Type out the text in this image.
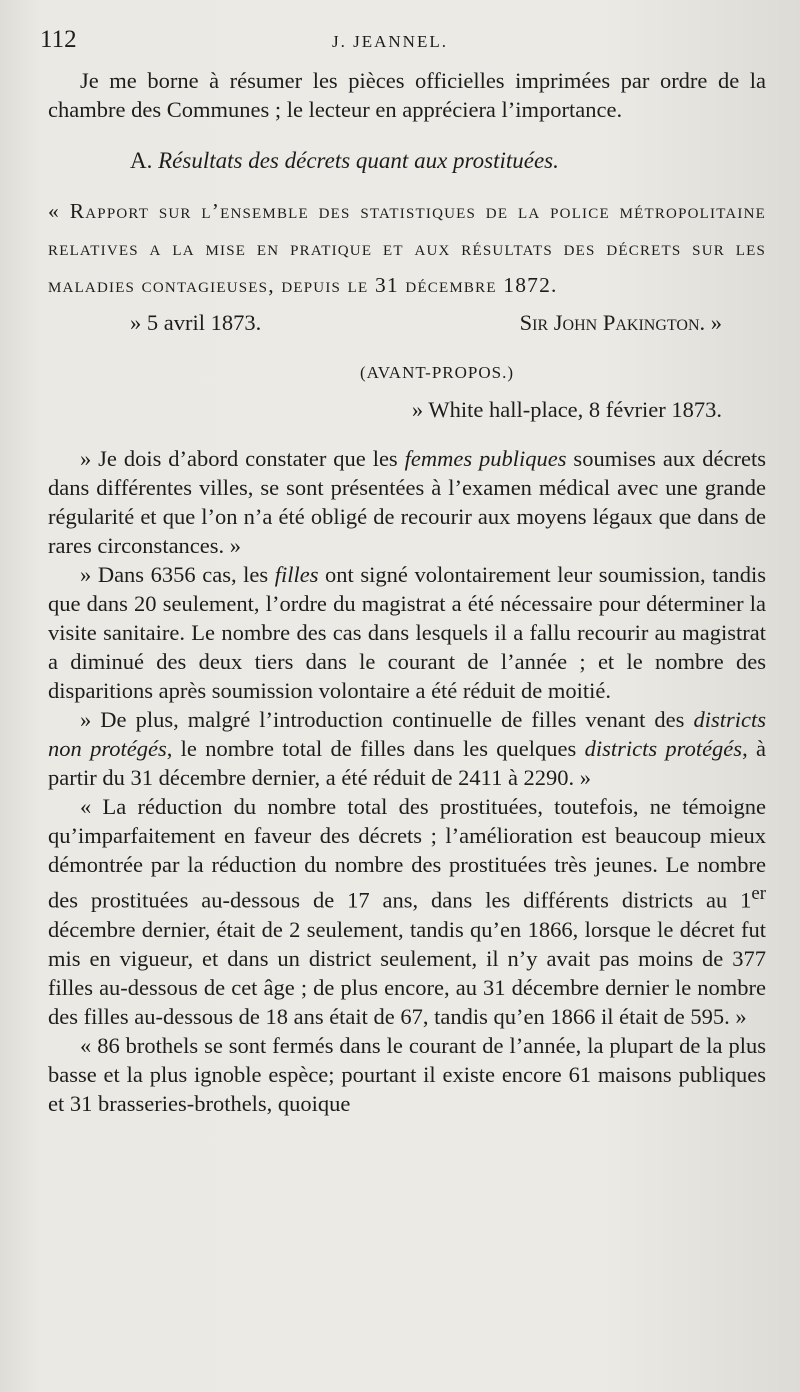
112	J. JEANNEL.

Je me borne à résumer les pièces officielles imprimées par ordre de la chambre des Communes ; le lecteur en appréciera l’importance.

A. Résultats des décrets quant aux prostituées.

« Rapport sur l’ensemble des statistiques de la police métropolitaine relatives a la mise en pratique et aux résultats des décrets sur les maladies contagieuses, depuis le 31 décembre 1872.

» 5 avril 1873.	Sir John Pakington. »

(AVANT-PROPOS.)

» White hall-place, 8 février 1873.

» Je dois d’abord constater que les femmes publiques soumises aux décrets dans différentes villes, se sont présentées à l’examen médical avec une grande régularité et que l’on n’a été obligé de recourir aux moyens légaux que dans de rares circonstances. »

» Dans 6356 cas, les filles ont signé volontairement leur soumission, tandis que dans 20 seulement, l’ordre du magistrat a été nécessaire pour déterminer la visite sanitaire. Le nombre des cas dans lesquels il a fallu recourir au magistrat a diminué des deux tiers dans le courant de l’année ; et le nombre des disparitions après soumission volontaire a été réduit de moitié.

» De plus, malgré l’introduction continuelle de filles venant des districts non protégés, le nombre total de filles dans les quelques districts protégés, à partir du 31 décembre dernier, a été réduit de 2411 à 2290. »

« La réduction du nombre total des prostituées, toutefois, ne témoigne qu’imparfaitement en faveur des décrets ; l’amélioration est beaucoup mieux démontrée par la réduction du nombre des prostituées très jeunes. Le nombre des prostituées au-dessous de 17 ans, dans les différents districts au 1er décembre dernier, était de 2 seulement, tandis qu’en 1866, lorsque le décret fut mis en vigueur, et dans un district seulement, il n’y avait pas moins de 377 filles au-dessous de cet âge ; de plus encore, au 31 décembre dernier le nombre des filles au-dessous de 18 ans était de 67, tandis qu’en 1866 il était de 595. »

« 86 brothels se sont fermés dans le courant de l’année, la plupart de la plus basse et la plus ignoble espèce; pourtant il existe encore 61 maisons publiques et 31 brasseries-brothels, quoique
